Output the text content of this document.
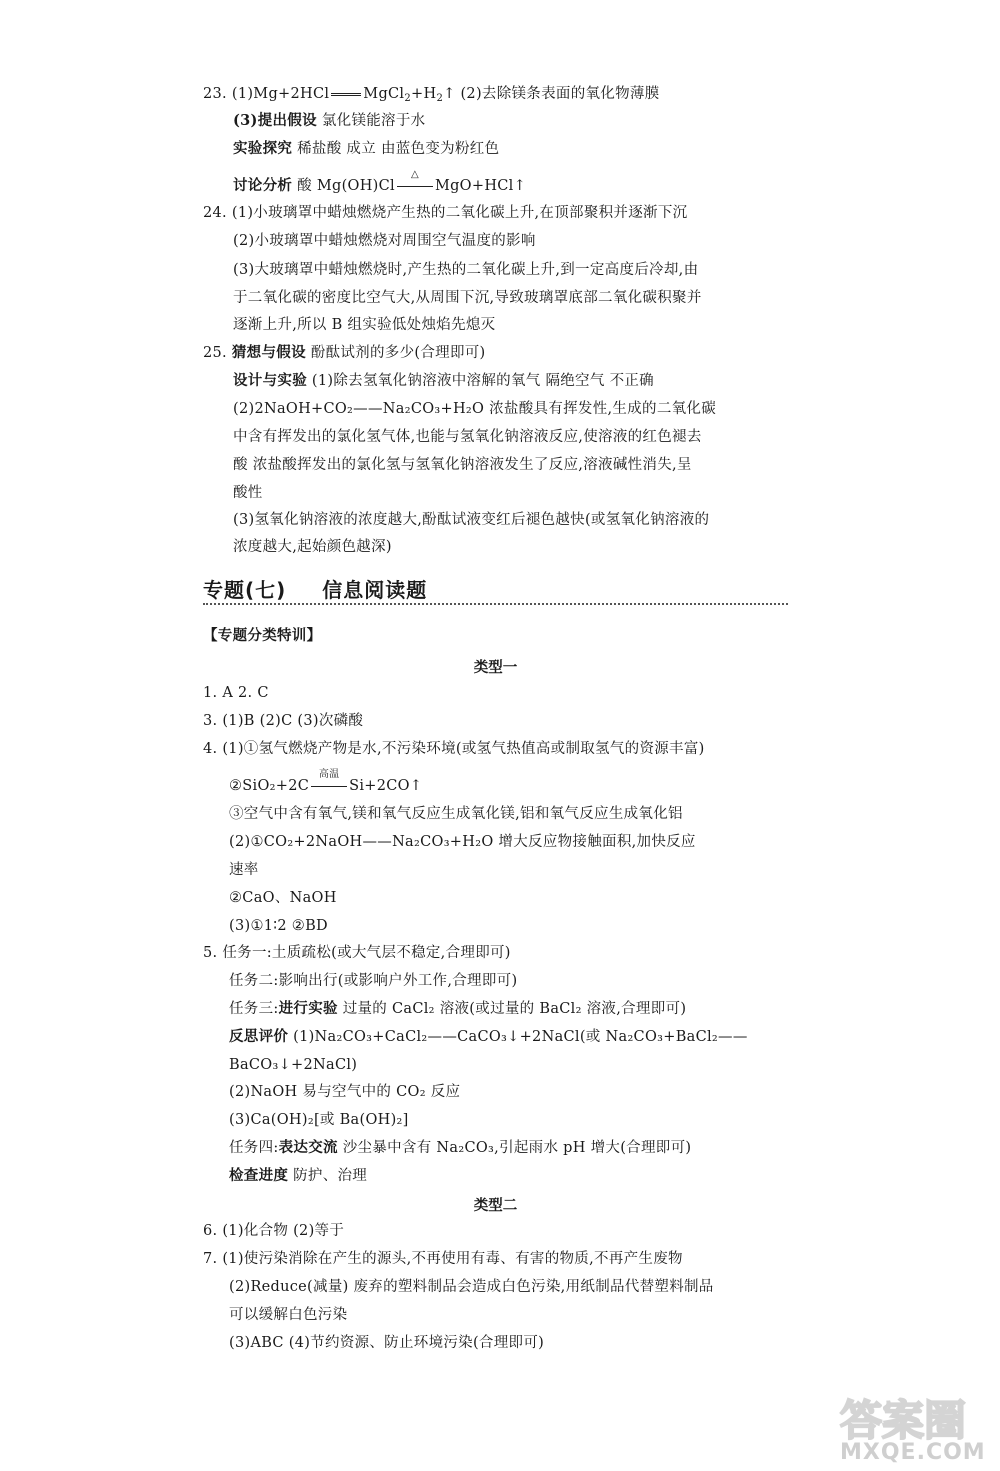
23. (1)Mg+2HCl $MgCl_2+H_2↑$ (2)去除镁条表面的氧化物薄膜
(3)提出假设 氯化镁能溶于水
实验探究 稀盐酸 成立 由蓝色变为粉红色
讨论分析 酸 Mg(OH)Cl
△
MgO+HCl↑
24. (1)小玻璃罩中蜡烛燃烧产生热的二氧化碳上升,在顶部聚积并逐渐下沉
(2)小玻璃罩中蜡烛燃烧对周围空气温度的影响
(3)大玻璃罩中蜡烛燃烧时,产生热的二氧化碳上升,到一定高度后冷却,由
于二氧化碳的密度比空气大,从周围下沉,导致玻璃罩底部二氧化碳积聚并
逐渐上升,所以 B 组实验低处烛焰先熄灭
25. 猜想与假设 酚酞试剂的多少(合理即可)
设计与实验 (1)除去氢氧化钠溶液中溶解的氧气 隔绝空气 不正确
(2)2NaOH+CO₂——Na₂CO₃+H₂O 浓盐酸具有挥发性,生成的二氧化碳
中含有挥发出的氯化氢气体,也能与氢氧化钠溶液反应,使溶液的红色褪去
酸 浓盐酸挥发出的氯化氢与氢氧化钠溶液发生了反应,溶液碱性消失,呈
酸性
(3)氢氧化钠溶液的浓度越大,酚酞试液变红后褪色越快(或氢氧化钠溶液的
浓度越大,起始颜色越深)
专题(七) 信息阅读题
【专题分类特训】
类型一
1. A 2. C
3. (1)B (2)C (3)次磷酸
4. (1)①氢气燃烧产物是水,不污染环境(或氢气热值高或制取氢气的资源丰富)
②SiO₂+2C
高温
Si+2CO↑
③空气中含有氧气,镁和氧气反应生成氧化镁,铝和氧气反应生成氧化铝
(2)①CO₂+2NaOH——Na₂CO₃+H₂O 增大反应物接触面积,加快反应
速率
②CaO、NaOH
(3)①1∶2 ②BD
5. 任务一:土质疏松(或大气层不稳定,合理即可)
任务二:影响出行(或影响户外工作,合理即可)
任务三:进行实验 过量的 CaCl₂ 溶液(或过量的 BaCl₂ 溶液,合理即可)
反思评价 (1)Na₂CO₃+CaCl₂——CaCO₃↓+2NaCl(或 Na₂CO₃+BaCl₂——
BaCO₃↓+2NaCl)
(2)NaOH 易与空气中的 CO₂ 反应
(3)Ca(OH)₂[或 Ba(OH)₂]
任务四:表达交流 沙尘暴中含有 Na₂CO₃,引起雨水 pH 增大(合理即可)
检查进度 防护、治理
类型二
6. (1)化合物 (2)等于
7. (1)使污染消除在产生的源头,不再使用有毒、有害的物质,不再产生废物
(2)Reduce(减量) 废弃的塑料制品会造成白色污染,用纸制品代替塑料制品
可以缓解白色污染
(3)ABC (4)节约资源、防止环境污染(合理即可)
答案圈
MXQE.COM
